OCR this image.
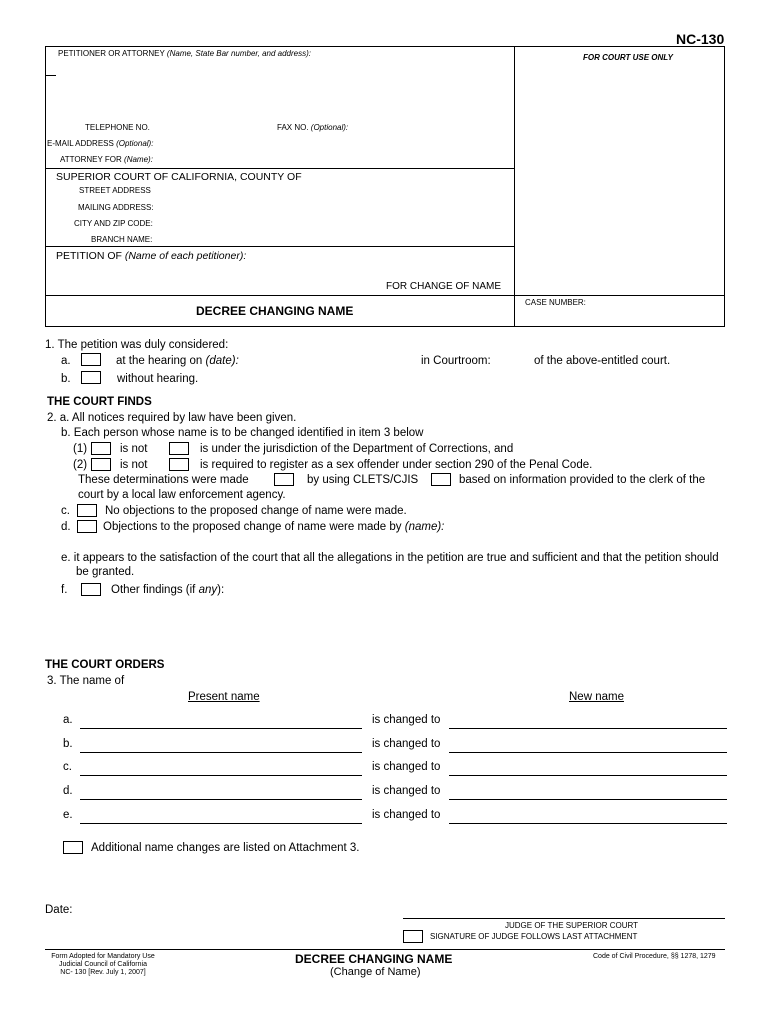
NC-130
PETITIONER OR ATTORNEY (Name, State Bar number, and address):	FOR COURT USE ONLY
TELEPHONE NO.	FAX NO. (Optional):
E-MAIL ADDRESS (Optional):
ATTORNEY FOR (Name):
SUPERIOR COURT OF CALIFORNIA, COUNTY OF
STREET ADDRESS
MAILING ADDRESS:
CITY AND ZIP CODE:
BRANCH NAME:
PETITION OF (Name of each petitioner):
FOR CHANGE OF NAME
DECREE CHANGING NAME
CASE NUMBER:
1. The petition was duly considered:
a.	at the hearing on (date):	in Courtroom:	of the above-entitled court.
b.	without hearing.
THE COURT FINDS
2. a. All notices required by law have been given.
b. Each person whose name is to be changed identified in item 3 below
(1)	is not	is under the jurisdiction of the Department of Corrections, and
(2)	is not	is required to register as a sex offender under section 290 of the Penal Code.
These determinations were made	by using CLETS/CJIS	based on information provided to the clerk of the
court by a local law enforcement agency.
c.	No objections to the proposed change of name were made.
d.	Objections to the proposed change of name were made by (name):
e. it appears to the satisfaction of the court that all the allegations in the petition are true and sufficient and that the petition should
be granted.
f.	Other findings (if any):
THE COURT ORDERS
3. The name of
Present name	New name
a.	is changed to
b.	is changed to
c.	is changed to
d.	is changed to
e.	is changed to
Additional name changes are listed on Attachment 3.
Date:
JUDGE OF THE SUPERIOR COURT
SIGNATURE OF JUDGE FOLLOWS LAST ATTACHMENT
Form Adopted for Mandatory Use
Judicial Council of California
NC- 130 [Rev. July 1, 2007]
DECREE CHANGING NAME
(Change of Name)
Code of Civil Procedure, §§ 1278, 1279
